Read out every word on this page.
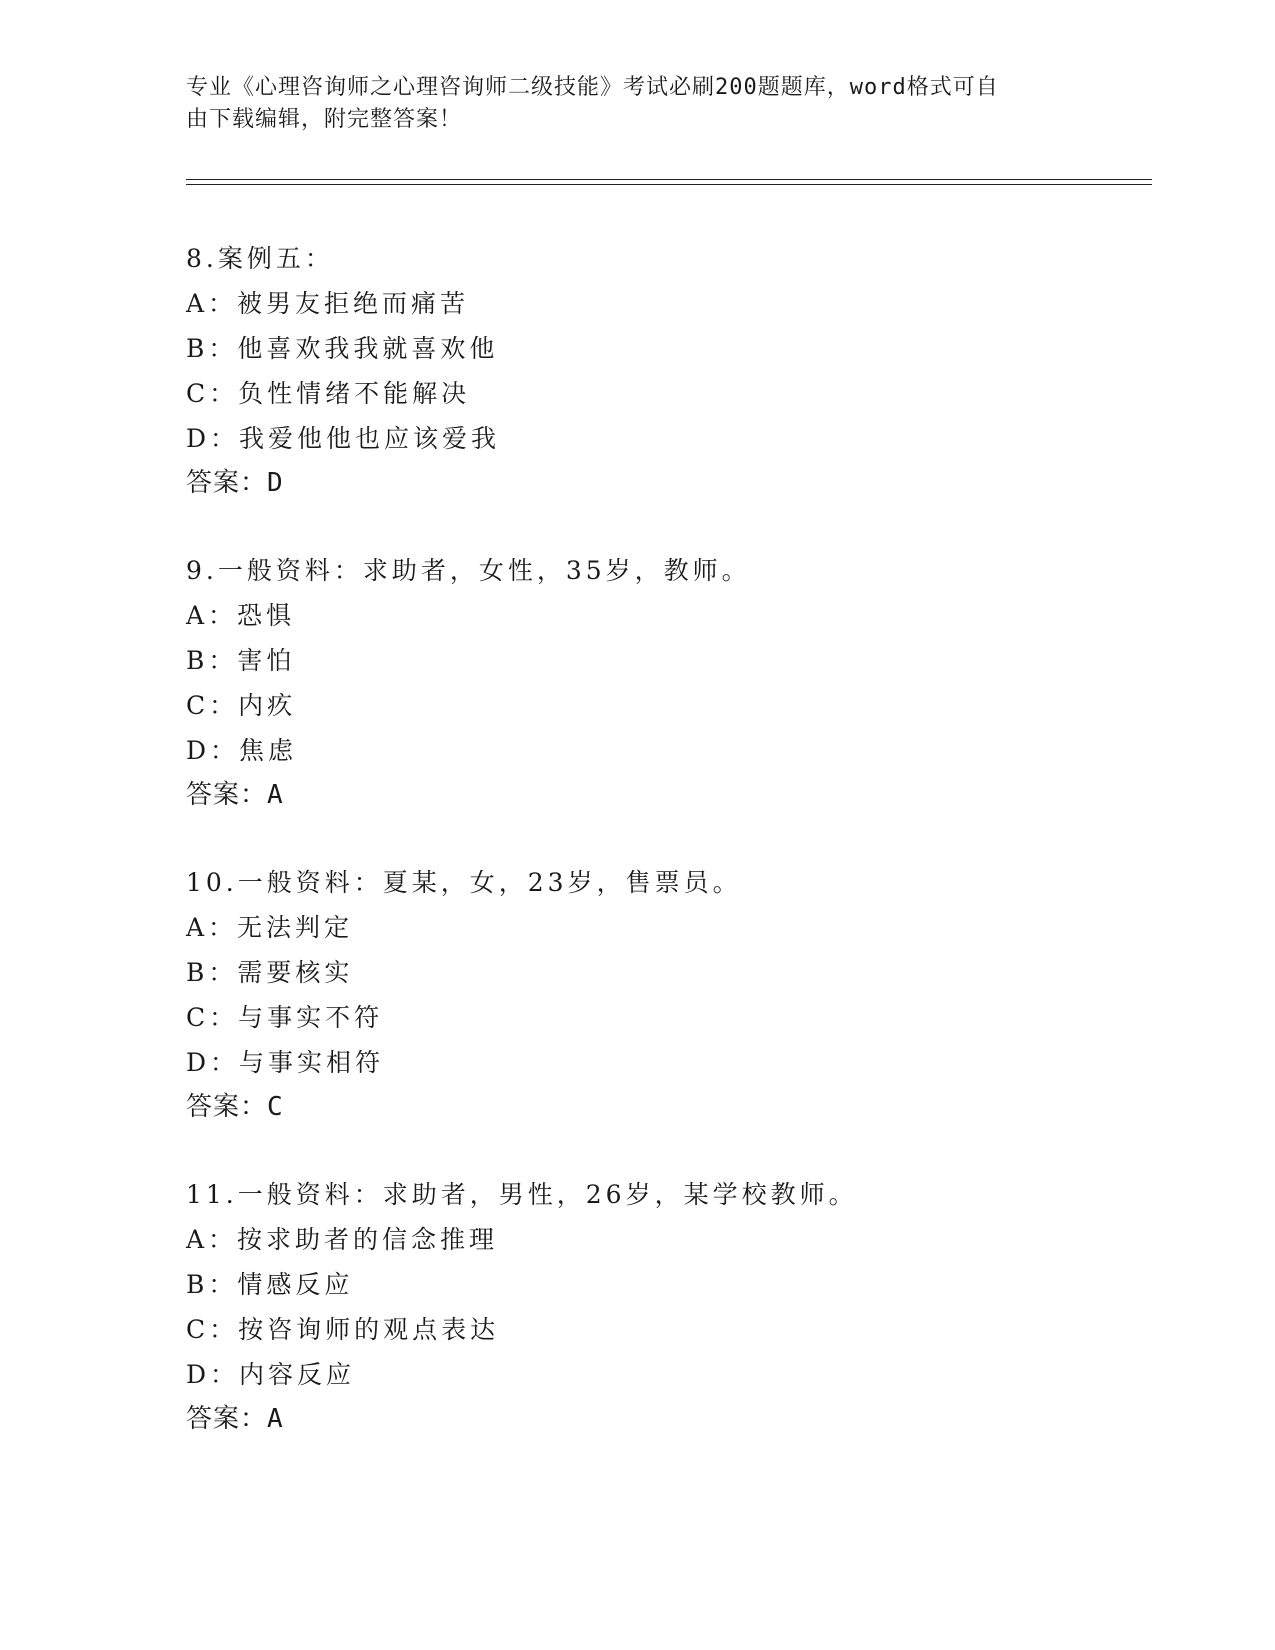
专业《心理咨询师之心理咨询师二级技能》考试必刷200题题库，word格式可自
由下载编辑，附完整答案！
8.案例五：
A：被男友拒绝而痛苦
B：他喜欢我我就喜欢他
C：负性情绪不能解决
D：我爱他他也应该爱我
答案：D
9.一般资料：求助者，女性，35岁，教师。
A：恐惧
B：害怕
C：内疚
D：焦虑
答案：A
10.一般资料：夏某，女，23岁，售票员。
A：无法判定
B：需要核实
C：与事实不符
D：与事实相符
答案：C
11.一般资料：求助者，男性，26岁，某学校教师。
A：按求助者的信念推理
B：情感反应
C：按咨询师的观点表达
D：内容反应
答案：A
